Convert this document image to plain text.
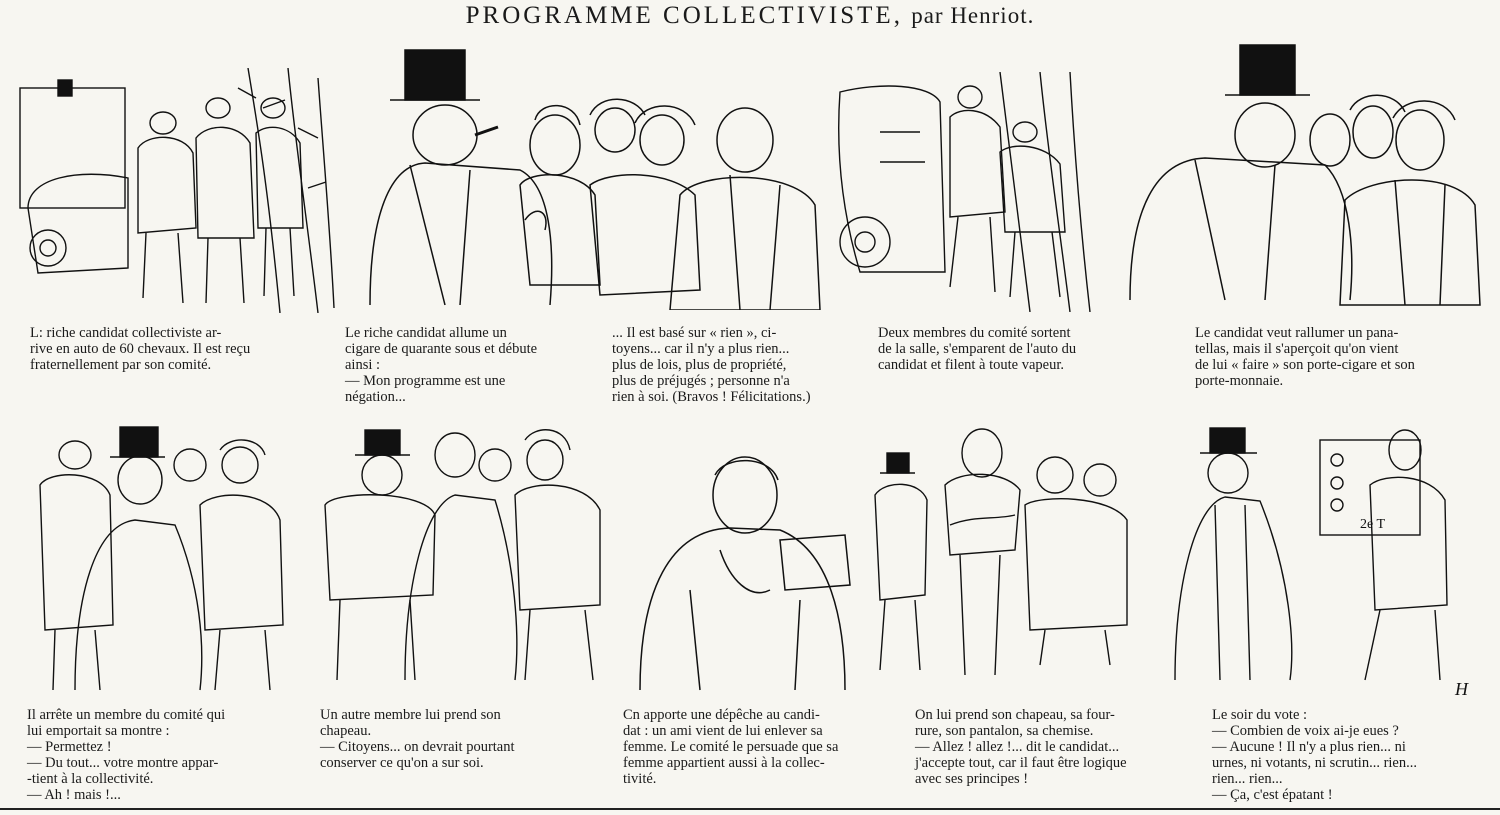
PROGRAMME COLLECTIVISTE, par Henriot.
2e T
H
L: riche candidat collectiviste ar-
rive en auto de 60 chevaux. Il est reçu
fraternellement par son comité.
Le riche candidat allume un
cigare de quarante sous et débute
ainsi :
— Mon programme est une
négation...
... Il est basé sur « rien », ci-
toyens... car il n'y a plus rien...
plus de lois, plus de propriété,
plus de préjugés ; personne n'a
rien à soi. (Bravos ! Félicitations.)
Deux membres du comité sortent
de la salle, s'emparent de l'auto du
candidat et filent à toute vapeur.
Le candidat veut rallumer un pana-
tellas, mais il s'aperçoit qu'on vient
de lui « faire » son porte-cigare et son
porte-monnaie.
Il arrête un membre du comité qui
lui emportait sa montre :
— Permettez !
— Du tout... votre montre appar-
-tient à la collectivité.
— Ah ! mais !...
Un autre membre lui prend son
chapeau.
— Citoyens... on devrait pourtant
conserver ce qu'on a sur soi.
Cn apporte une dépêche au candi-
dat : un ami vient de lui enlever sa
femme. Le comité le persuade que sa
femme appartient aussi à la collec-
tivité.
On lui prend son chapeau, sa four-
rure, son pantalon, sa chemise.
— Allez ! allez !... dit le candidat...
j'accepte tout, car il faut être logique
avec ses principes !
Le soir du vote :
— Combien de voix ai-je eues ?
— Aucune ! Il n'y a plus rien... ni
urnes, ni votants, ni scrutin... rien...
rien... rien...
— Ça, c'est épatant !
